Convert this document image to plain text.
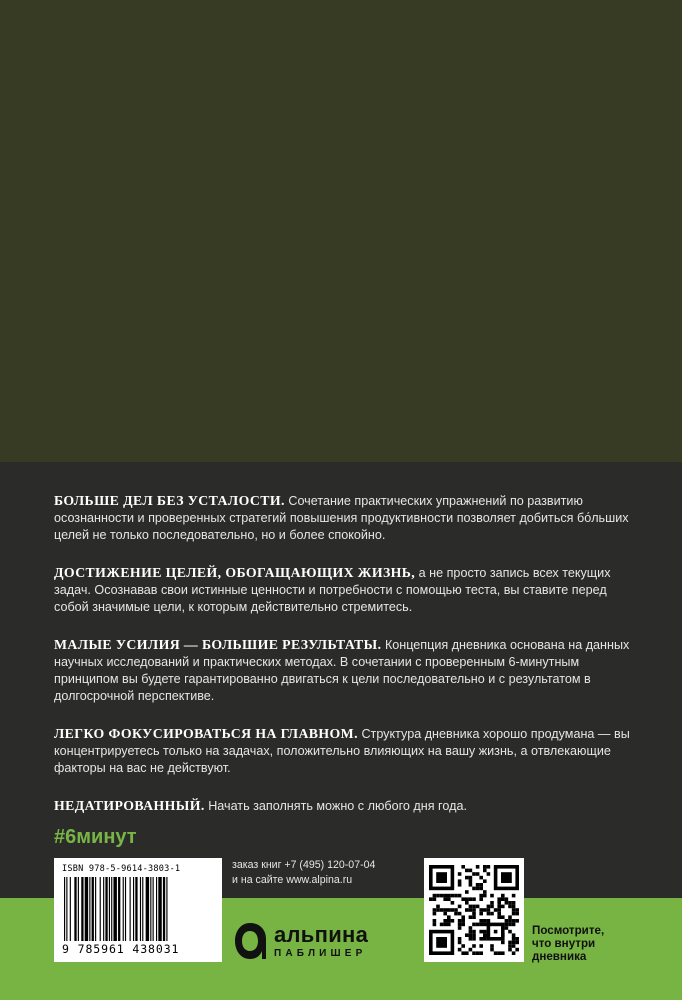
БОЛЬШЕ ДЕЛ БЕЗ УСТАЛОСТИ. Сочетание практических упражнений по развитию осознанности и проверенных стратегий повышения продуктивности позволяет добиться бо́льших целей не только последовательно, но и более спокойно.

ДОСТИЖЕНИЕ ЦЕЛЕЙ, ОБОГАЩАЮЩИХ ЖИЗНЬ, а не просто запись всех текущих задач. Осознавав свои истинные ценности и потребности с помощью теста, вы ставите перед собой значимые цели, к которым действительно стремитесь.

МАЛЫЕ УСИЛИЯ — БОЛЬШИЕ РЕЗУЛЬТАТЫ. Концепция дневника основана на данных научных исследований и практических методах. В сочетании с проверенным 6-минутным принципом вы будете гарантированно двигаться к цели последовательно и с результатом в долгосрочной перспективе.

ЛЕГКО ФОКУСИРОВАТЬСЯ НА ГЛАВНОМ. Структура дневника хорошо продумана — вы концентрируетесь только на задачах, положительно влияющих на вашу жизнь, а отвлекающие факторы на вас не действуют.

НЕДАТИРОВАННЫЙ. Начать заполнять можно с любого дня года.

#6минут
ISBN 978-5-9614-3803-1
9 785961 438031
заказ книг +7 (495) 120-07-04
и на сайте www.alpina.ru
альпина
ПАБЛИШЕР
Посмотрите,
что внутри
дневника
